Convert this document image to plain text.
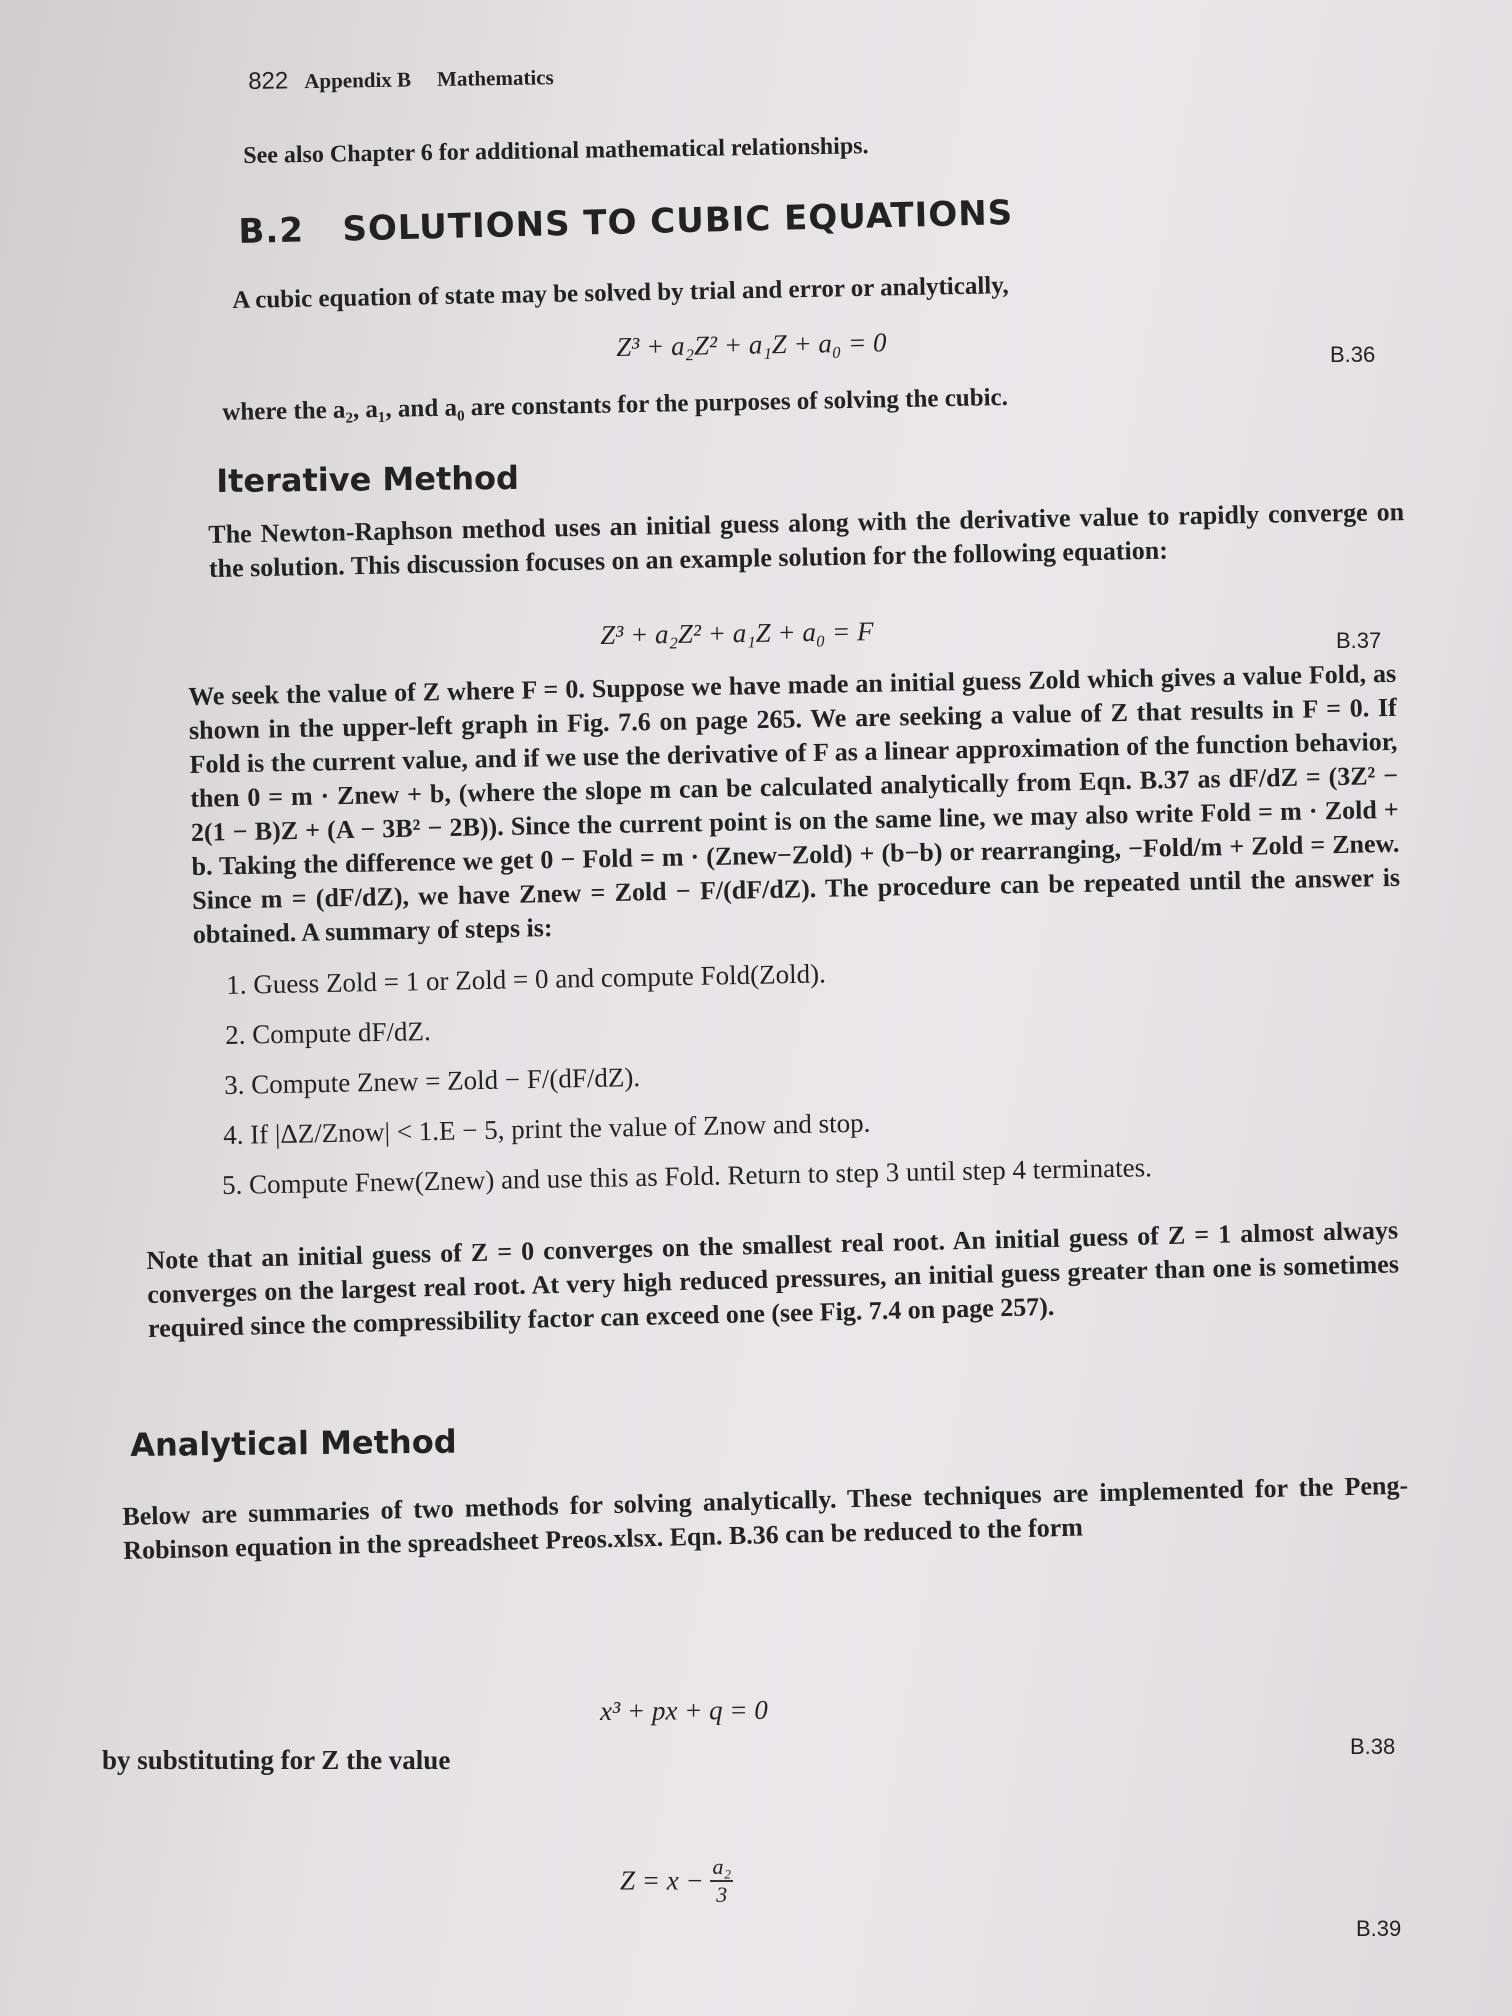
822 Appendix B Mathematics
See also Chapter 6 for additional mathematical relationships.
B.2   SOLUTIONS TO CUBIC EQUATIONS
A cubic equation of state may be solved by trial and error or analytically,
Z³ + a₂Z² + a₁Z + a₀ = 0	B.36
where the a₂, a₁, and a₀ are constants for the purposes of solving the cubic.
Iterative Method
The Newton-Raphson method uses an initial guess along with the derivative value to rapidly converge on the solution. This discussion focuses on an example solution for the following equation:
Z³ + a₂Z² + a₁Z + a₀ = F	B.37
We seek the value of Z where F = 0. Suppose we have made an initial guess Zold which gives a value Fold, as shown in the upper-left graph in Fig. 7.6 on page 265. We are seeking a value of Z that results in F = 0. If Fold is the current value, and if we use the derivative of F as a linear approximation of the function behavior, then 0 = m · Znew + b, (where the slope m can be calculated analytically from Eqn. B.37 as dF/dZ = (3Z² − 2(1 − B)Z + (A − 3B² − 2B)). Since the current point is on the same line, we may also write Fold = m · Zold + b. Taking the difference we get 0 − Fold = m · (Znew−Zold) + (b−b) or rearranging, −Fold/m + Zold = Znew. Since m = (dF/dZ), we have Znew = Zold − F/(dF/dZ). The procedure can be repeated until the answer is obtained. A summary of steps is:
1. Guess Zold = 1 or Zold = 0 and compute Fold(Zold).
2. Compute dF/dZ.
3. Compute Znew = Zold − F/(dF/dZ).
4. If |ΔZ/Znow| < 1.E − 5, print the value of Znow and stop.
5. Compute Fnew(Znew) and use this as Fold. Return to step 3 until step 4 terminates.
Note that an initial guess of Z = 0 converges on the smallest real root. An initial guess of Z = 1 almost always converges on the largest real root. At very high reduced pressures, an initial guess greater than one is sometimes required since the compressibility factor can exceed one (see Fig. 7.4 on page 257).
Analytical Method
Below are summaries of two methods for solving analytically. These techniques are implemented for the Peng-Robinson equation in the spreadsheet Preos.xlsx. Eqn. B.36 can be reduced to the form
x³ + px + q = 0
B.38
by substituting for Z the value
$Z = x - \frac{\text{a₂}}{3}$
B.39
